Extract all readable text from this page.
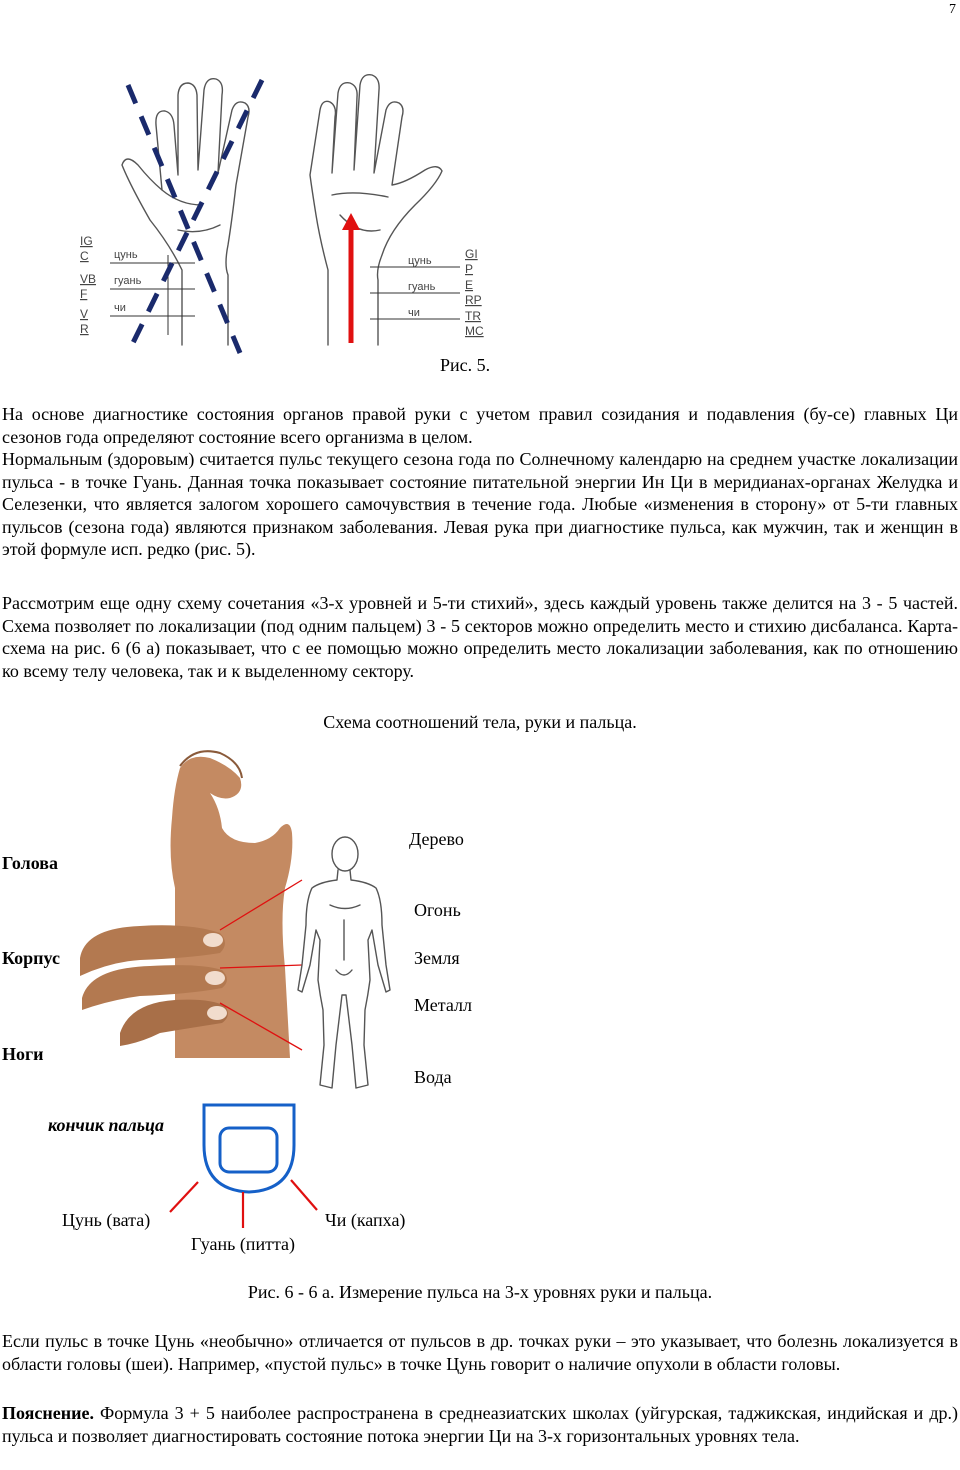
7
IG
C
VB
F
V
R
цунь
гуань
чи
цунь
гуань
чи
GI
P
E
RP
TR
MC
Рис. 5.

На основе диагностике состояния органов правой руки с учетом правил созидания и подавления (бу-се) главных Ци сезонов года определяют состояние всего организма в целом.

Нормальным (здоровым) считается пульс текущего сезона года по Солнечному календарю на среднем участке локализации пульса - в точке Гуань. Данная точка показывает состояние питательной энергии Ин Ци в меридианах-органах Желудка и Селезенки, что является залогом хорошего самочувствия в течение года. Любые «изменения в сторону» от 5-ти главных пульсов (сезона года) являются признаком заболевания. Левая рука при диагностике пульса, как мужчин, так и женщин в этой формуле исп. редко (рис. 5).

Рассмотрим еще одну схему сочетания «3-х уровней и 5-ти стихий», здесь каждый уровень также делится на 3 - 5 частей. Схема позволяет по локализации (под одним пальцем) 3 - 5 секторов можно определить место и стихию дисбаланса. Карта-схема на рис. 6 (6 а) показывает, что с ее помощью можно определить место локализации заболевания, как по отношению ко всему телу человека, так и к выделенному сектору.

Схема соотношений тела, руки и пальца.
Голова
Корпус
Ноги
Дерево
Огонь
Земля
Металл
Вода
кончик пальца
Цунь (вата)
Гуань (питта)
Чи (капха)
Рис. 6 - 6 а. Измерение пульса на 3-х уровнях руки и пальца.

Если пульс в точке Цунь «необычно» отличается от пульсов в др. точках руки – это указывает, что болезнь локализуется в области головы (шеи). Например, «пустой пульс» в точке Цунь говорит о наличие опухоли в области головы.

Пояснение. Формула 3 + 5 наиболее распространена в среднеазиатских школах (уйгурская, таджикская, индийская и др.) пульса и позволяет диагностировать состояние потока энергии Ци на 3-х горизонтальных уровнях тела.
